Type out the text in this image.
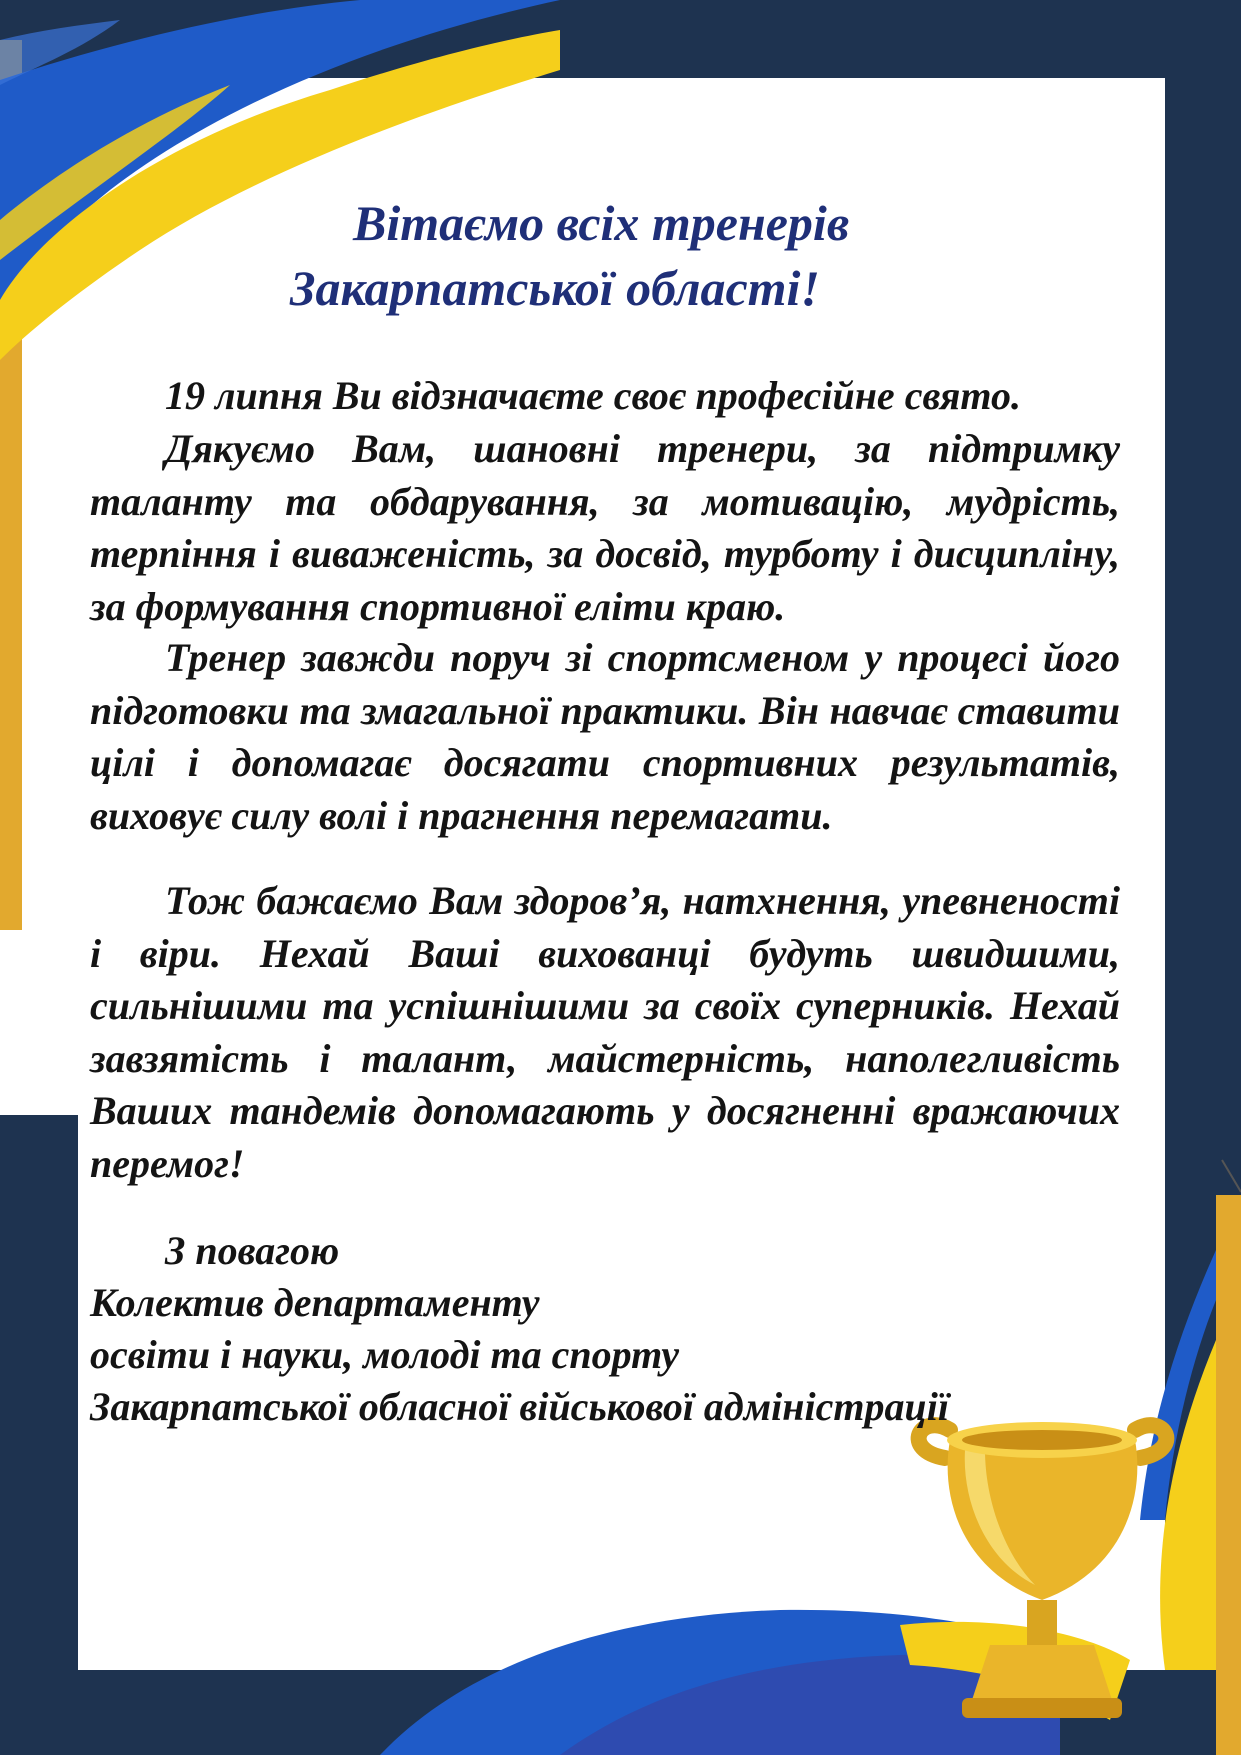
Вітаємо всіх тренерів
Закарпатської області!

19 липня Ви відзначаєте своє професійне свято.

Дякуємо Вам, шановні тренери, за підтримку таланту та обдарування, за мотивацію, мудрість, терпіння і виваженість, за досвід, турботу і дисципліну, за формування спортивної еліти краю.

Тренер завжди поруч зі спортсменом у процесі його підготовки та змагальної практики. Він навчає ставити цілі і допомагає досягати спортивних результатів, виховує силу волі і прагнення перемагати.

Тож бажаємо Вам здоров’я, натхнення, упевненості і віри. Нехай Ваші вихованці будуть швидшими, сильнішими та успішнішими за своїх суперників. Нехай завзятість і талант, майстерність, наполегливість Ваших тандемів допомагають у досягненні вражаючих перемог!

З повагою

Колектив департаменту

освіти і науки, молоді та спорту

Закарпатської обласної військової адміністрації
